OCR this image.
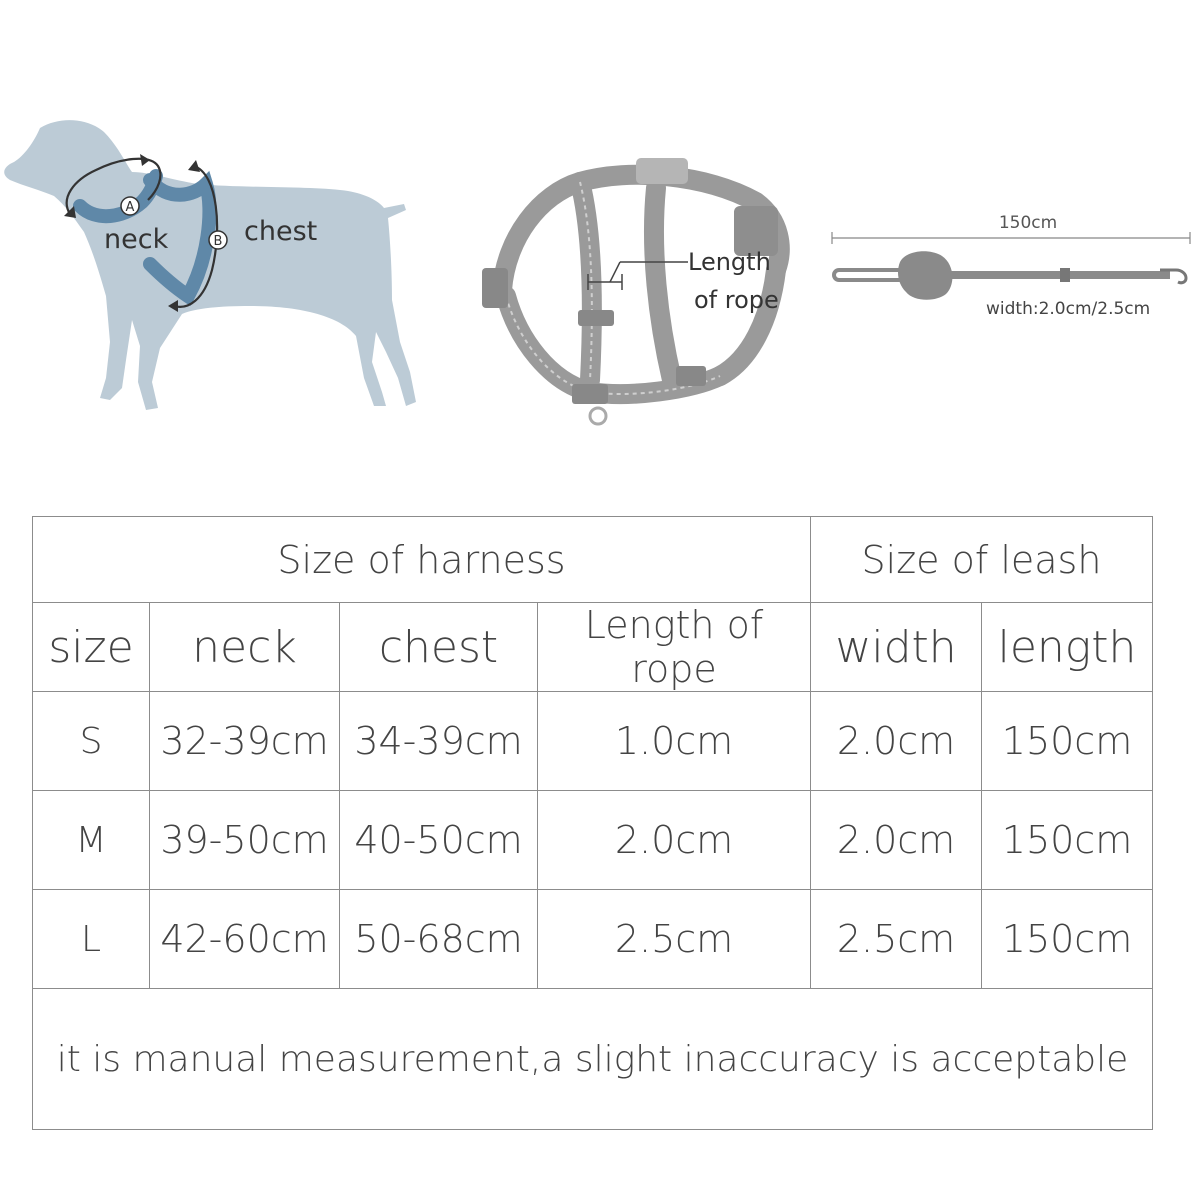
A
B
neck	chest
Length
of rope
150cm
width:2.0cm/2.5cm
Size of harness				Size of leash	
size	neck	chest	Length of rope	width	length
S	32-39cm	34-39cm	1.0cm	2.0cm	150cm
M	39-50cm	40-50cm	2.0cm	2.0cm	150cm
L	42-60cm	50-68cm	2.5cm	2.5cm	150cm
it is manual measurement,a slight inaccuracy is acceptable					
